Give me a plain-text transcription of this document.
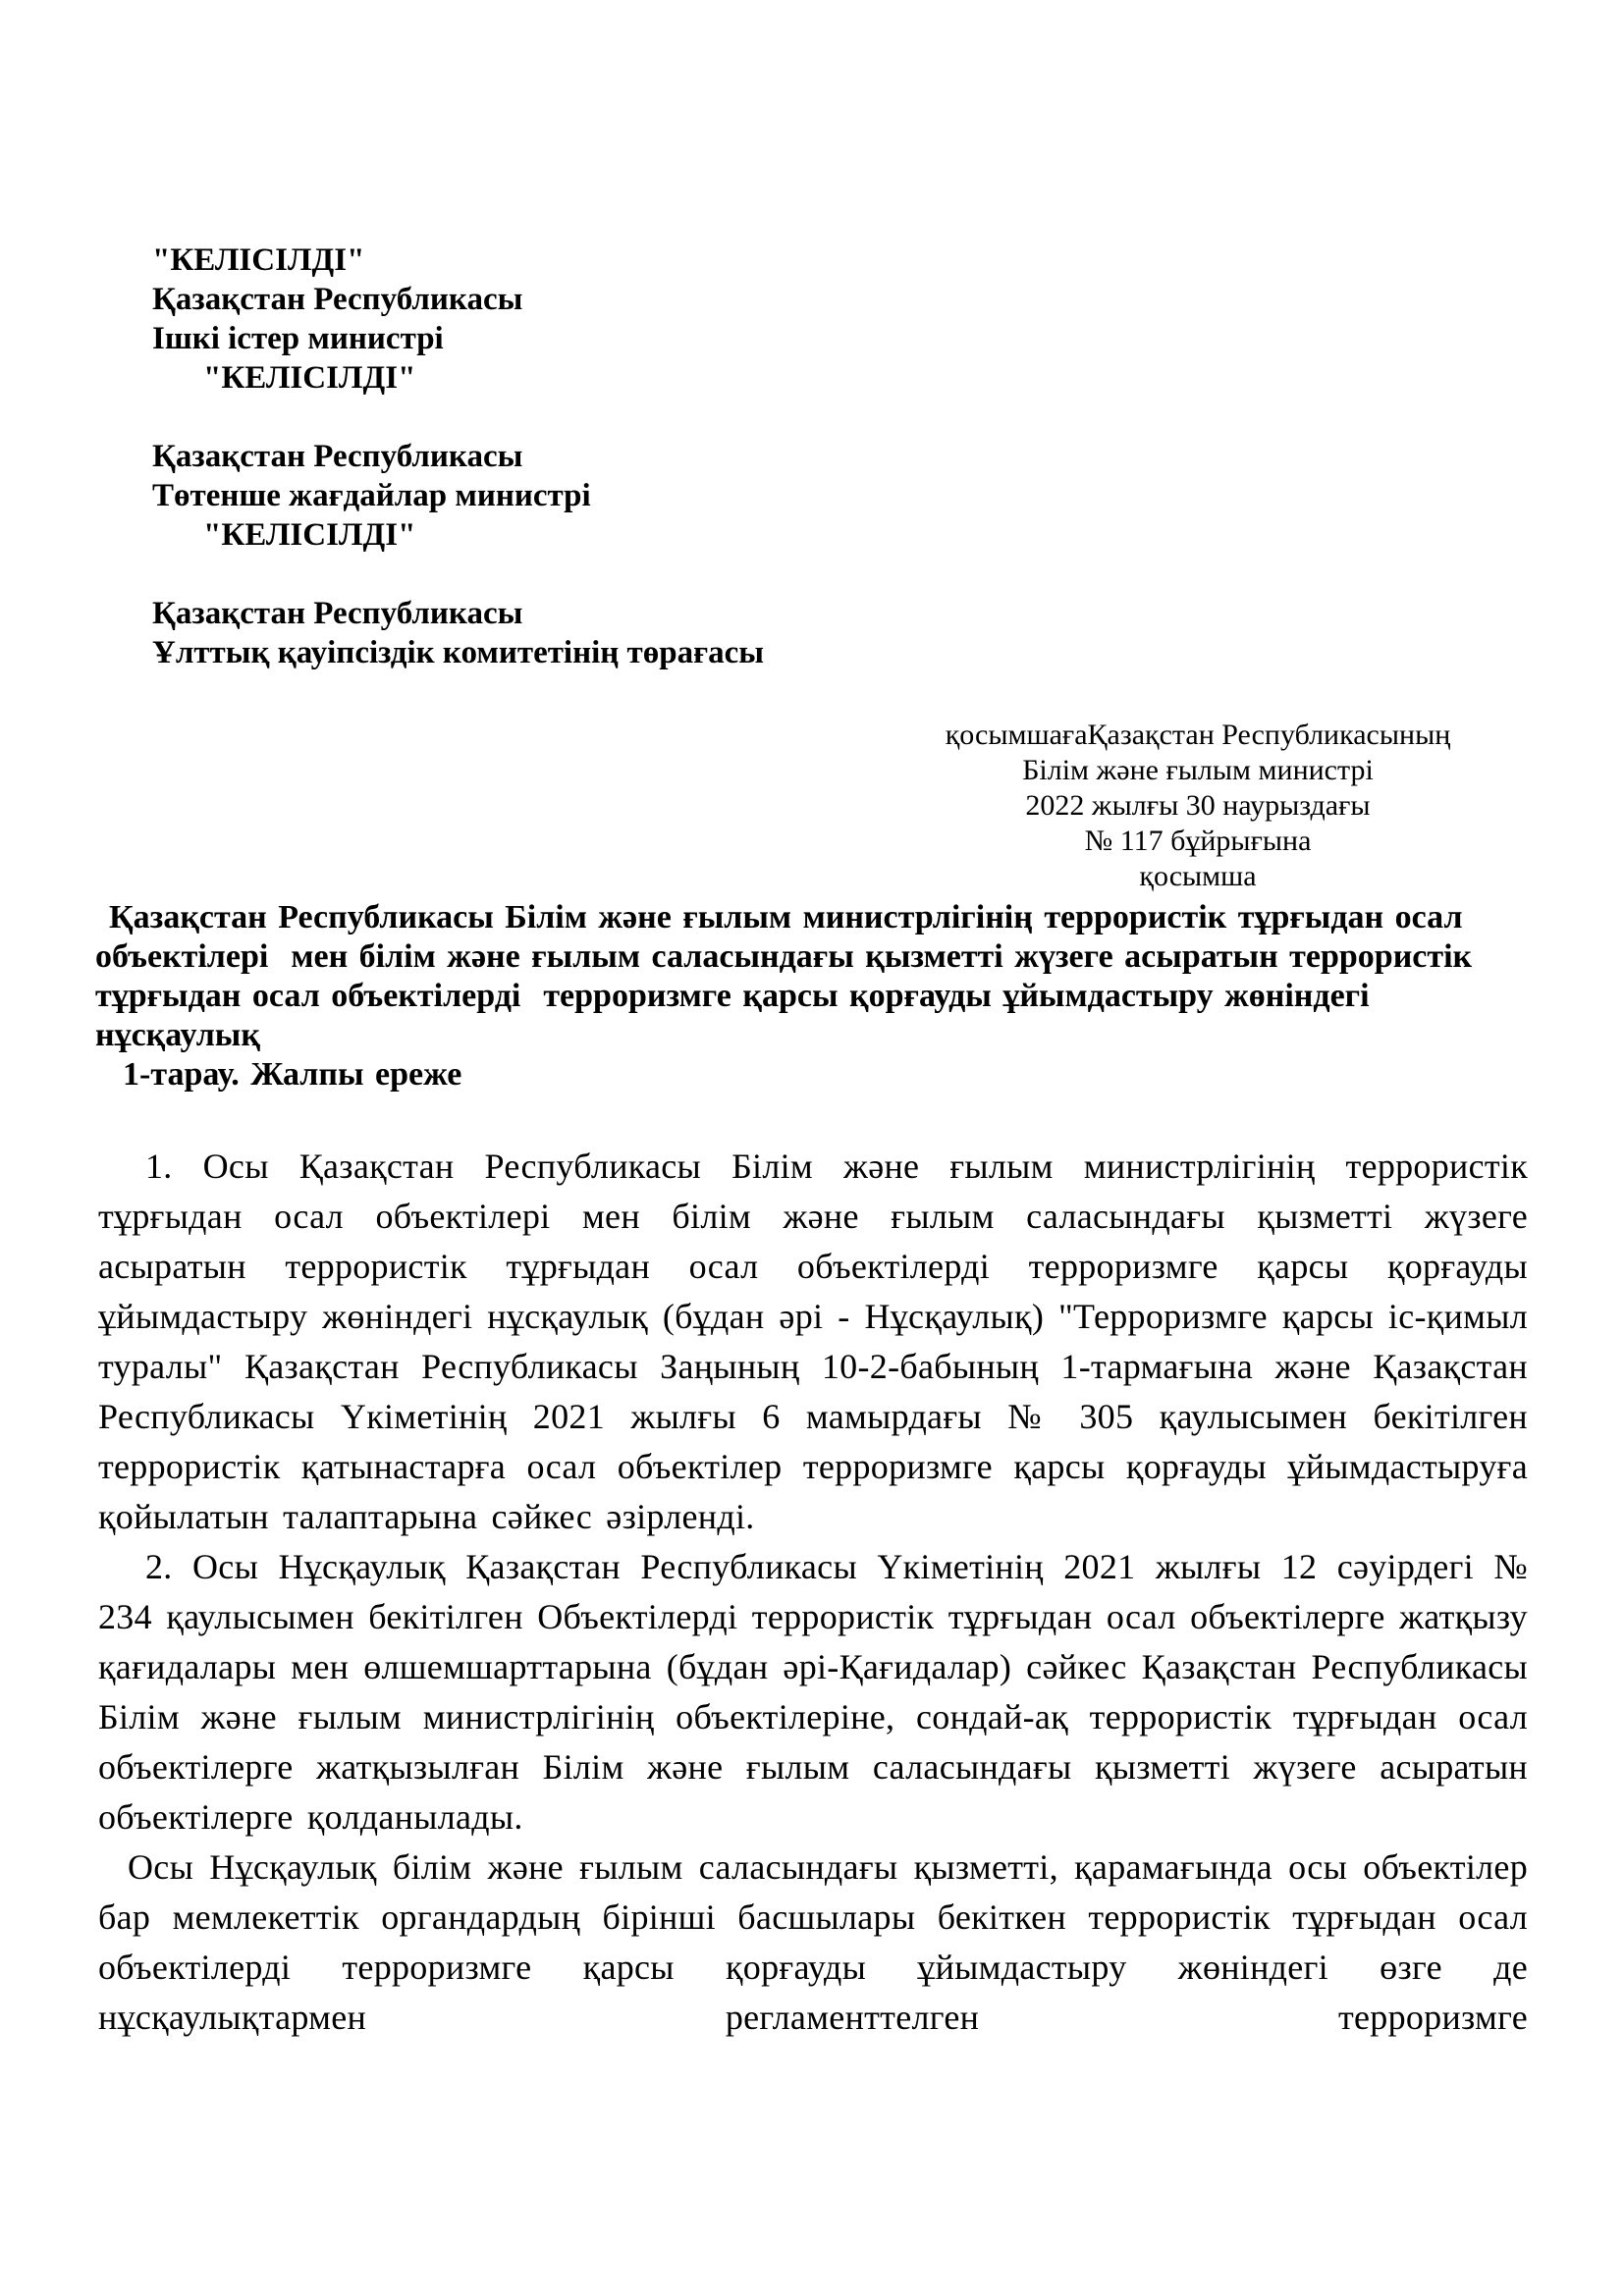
"КЕЛІСІЛДІ"

Қазақстан Республикасы

Ішкі істер министрі

"КЕЛІСІЛДІ"

Қазақстан Республикасы

Төтенше жағдайлар министрі

"КЕЛІСІЛДІ"

Қазақстан Республикасы

Ұлттық қауіпсіздік комитетінің төрағасы

қосымшағаҚазақстан Республикасының

Білім және ғылым министрі

2022 жылғы 30 наурыздағы

№ 117 бұйрығына

қосымша

Қазақстан Республикасы Білім және ғылым министрлігінің террористік тұрғыдан осал объектілері  мен білім және ғылым саласындағы қызметті жүзеге асыратын террористік тұрғыдан осал объектілерді  терроризмге қарсы қорғауды ұйымдастыру жөніндегі  нұсқаулық

1-тарау. Жалпы ереже

1. Осы Қазақстан Республикасы Білім және ғылым министрлігінің террористік тұрғыдан осал объектілері мен білім және ғылым саласындағы қызметті жүзеге асыратын террористік тұрғыдан осал объектілерді терроризмге қарсы қорғауды ұйымдастыру жөніндегі нұсқаулық (бұдан әрі - Нұсқаулық) "Терроризмге қарсы іс-қимыл туралы" Қазақстан Республикасы Заңының 10-2-бабының 1-тармағына және Қазақстан Республикасы Үкіметінің 2021 жылғы 6 мамырдағы № 305 қаулысымен бекітілген террористік қатынастарға осал объектілер терроризмге қарсы қорғауды ұйымдастыруға қойылатын талаптарына сәйкес әзірленді.

2. Осы Нұсқаулық Қазақстан Республикасы Үкіметінің 2021 жылғы 12 сәуірдегі № 234 қаулысымен бекітілген Объектілерді террористік тұрғыдан осал объектілерге жатқызу қағидалары мен өлшемшарттарына (бұдан әрі-Қағидалар) сәйкес Қазақстан Республикасы Білім және ғылым министрлігінің объектілеріне, сондай-ақ террористік тұрғыдан осал объектілерге жатқызылған Білім және ғылым саласындағы қызметті жүзеге асыратын объектілерге қолданылады.

Осы Нұсқаулық білім және ғылым саласындағы қызметті, қарамағында осы объектілер бар мемлекеттік органдардың бірінші басшылары бекіткен террористік тұрғыдан осал объектілерді терроризмге қарсы қорғауды ұйымдастыру жөніндегі өзге де нұсқаулықтармен регламенттелген терроризмге
